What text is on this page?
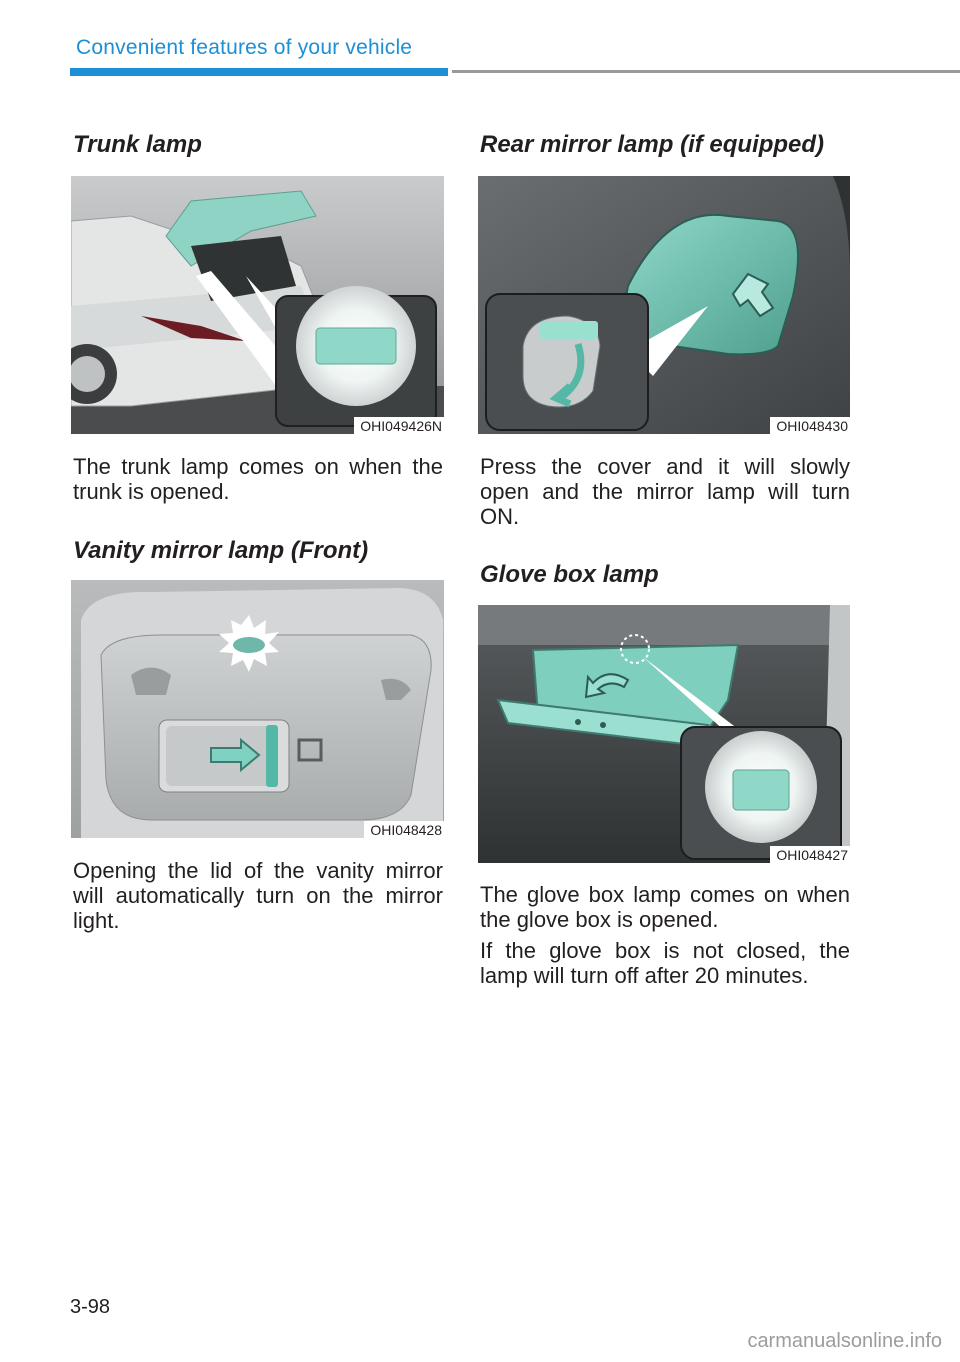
Convenient features of your vehicle
Trunk lamp
OHI049426N

The trunk lamp comes on when the trunk is opened.

Vanity mirror lamp (Front)
OHI048428

Opening the lid of the vanity mirror will automatically turn on the mirror light.

Rear mirror lamp (if equipped)
OHI048430

Press the cover and it will slowly open and the mirror lamp will turn ON.

Glove box lamp
OHI048427

The glove box lamp comes on when the glove box is opened.

If the glove box is not closed, the lamp will turn off after 20 minutes.

3-98
carmanualsonline.info
